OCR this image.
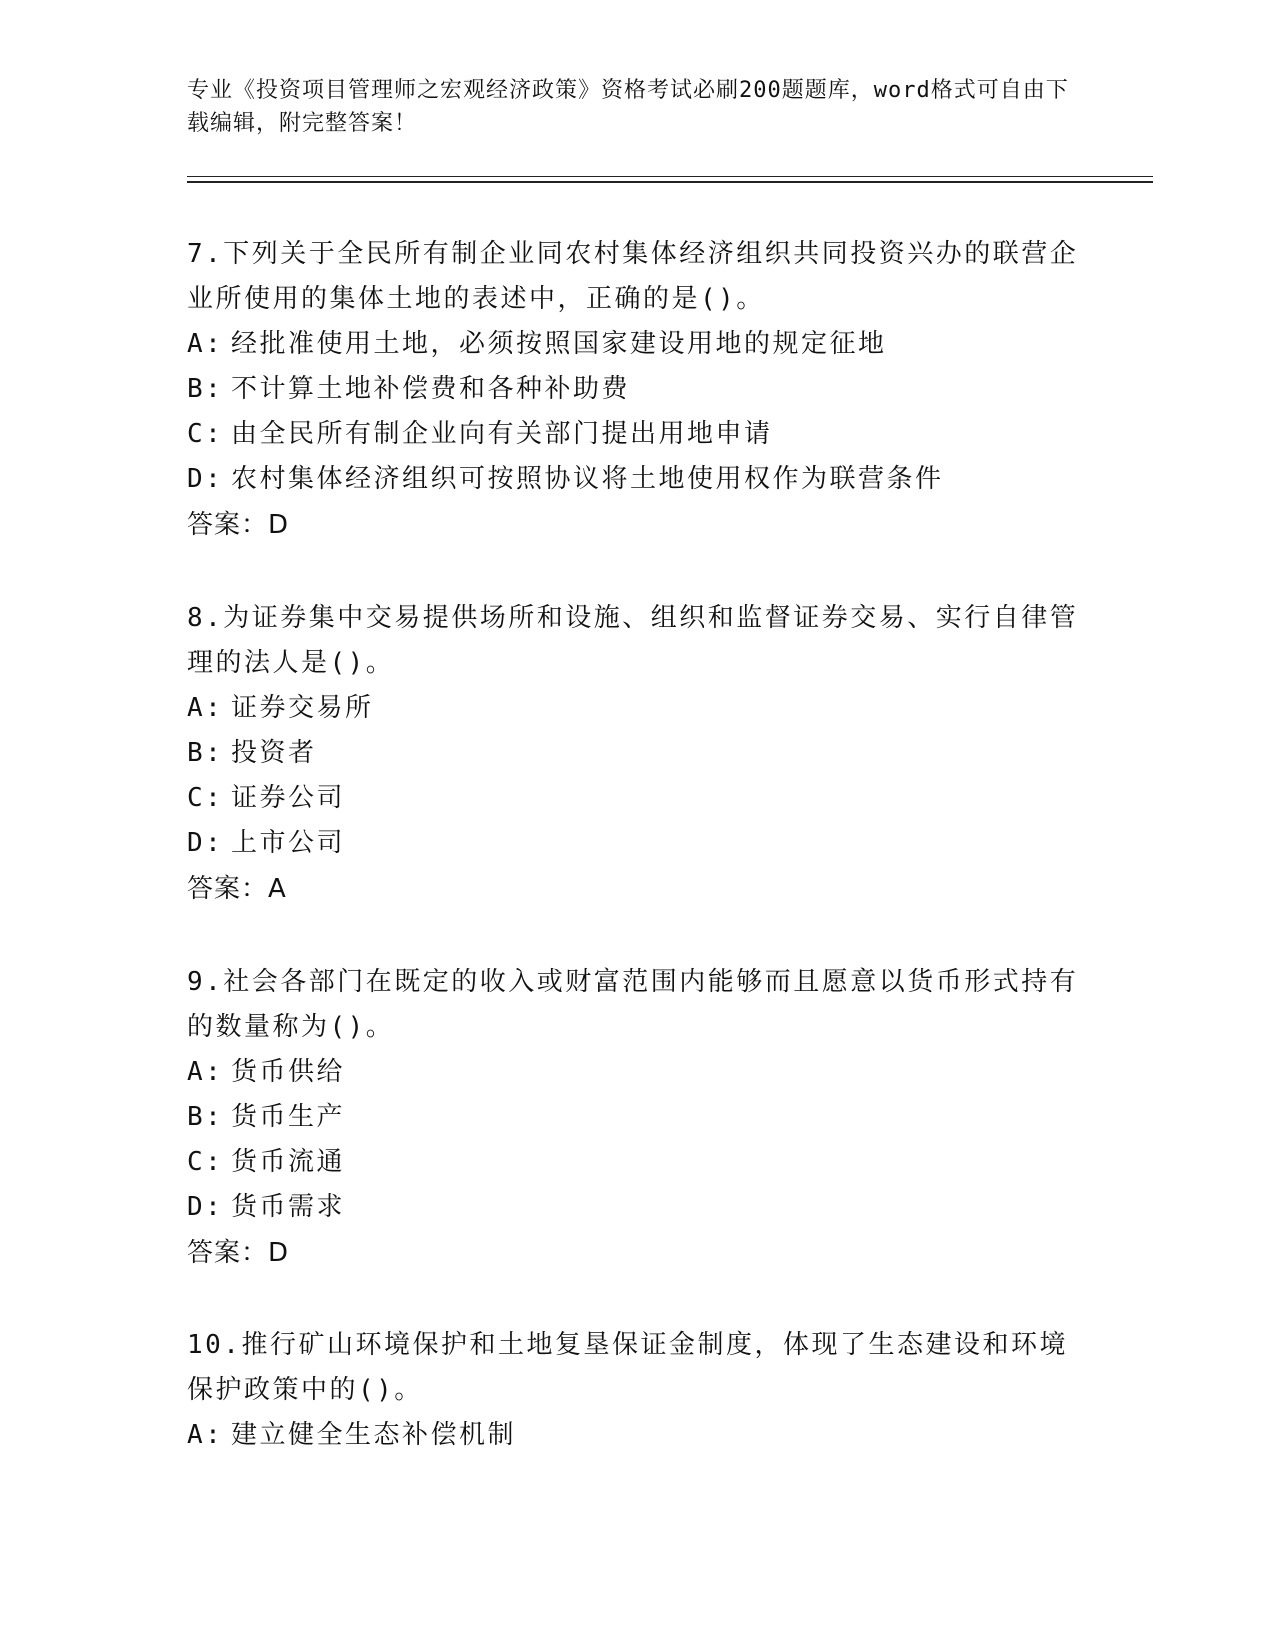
专业《投资项目管理师之宏观经济政策》资格考试必刷200题题库，word格式可自由下载编辑，附完整答案！

7.下列关于全民所有制企业同农村集体经济组织共同投资兴办的联营企业所使用的集体土地的表述中，正确的是()。

A: 经批准使用土地，必须按照国家建设用地的规定征地

B: 不计算土地补偿费和各种补助费

C: 由全民所有制企业向有关部门提出用地申请

D: 农村集体经济组织可按照协议将土地使用权作为联营条件

答案：D

8.为证券集中交易提供场所和设施、组织和监督证券交易、实行自律管理的法人是()。

A: 证券交易所

B: 投资者

C: 证券公司

D: 上市公司

答案：A

9.社会各部门在既定的收入或财富范围内能够而且愿意以货币形式持有的数量称为()。

A: 货币供给

B: 货币生产

C: 货币流通

D: 货币需求

答案：D

10.推行矿山环境保护和土地复垦保证金制度，体现了生态建设和环境保护政策中的()。

A: 建立健全生态补偿机制
